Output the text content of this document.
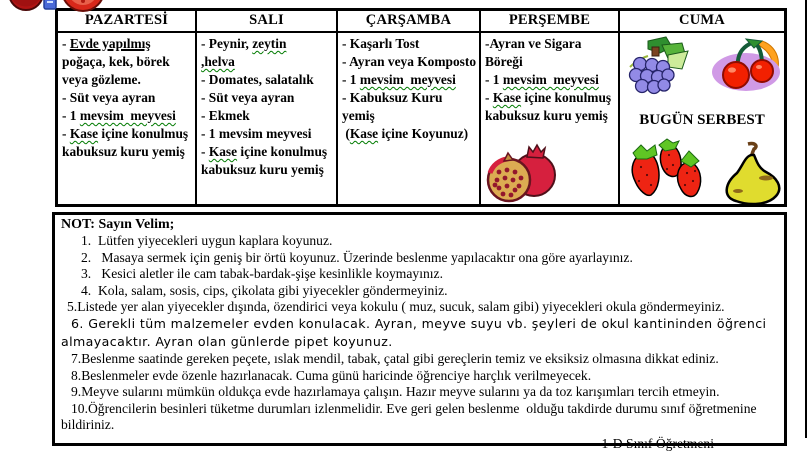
PAZARTESİ
- Evde yapılmış poğaça, kek, börek veya gözleme.
- Süt veya ayran
- 1 mevsim  meyvesi
- Kase içine konulmuş kabuksuz kuru yemiş
SALI
- Peynir, zeytin
,helva
- Domates, salatalık
- Süt veya ayran
- Ekmek
- 1 mevsim meyvesi
- Kase içine konulmuş kabuksuz kuru yemiş
ÇARŞAMBA
- Kaşarlı Tost
- Ayran veya Komposto
- 1 mevsim  meyvesi
- Kabuksuz Kuru yemiş
(Kase içine Koyunuz)
PERŞEMBE
-Ayran ve Sigara Böreği
- 1 mevsim  meyvesi
- Kase içine konulmuş kabuksuz kuru yemiş
CUMA
BUGÜN SERBEST
NOT: Sayın Velim;
1.  Lütfen yiyecekleri uygun kaplara koyunuz.
2.   Masaya sermek için geniş bir örtü koyunuz. Üzerinde beslenme yapılacaktır ona göre ayarlayınız.
3.   Kesici aletler ile cam tabak-bardak-şişe kesinlikle koymayınız.
4.  Kola, salam, sosis, cips, çikolata gibi yiyecekler göndermeyiniz.
5.Listede yer alan yiyecekler dışında, özendirici veya kokulu ( muz, sucuk, salam gibi) yiyecekleri okula göndermeyiniz.
6. Gerekli tüm malzemeler evden konulacak. Ayran, meyve suyu vb. şeyleri de okul kantininden öğrenci almayacaktır. Ayran olan günlerde pipet koyunuz.
7.Beslenme saatinde gereken peçete, ıslak mendil, tabak, çatal gibi gereçlerin temiz ve eksiksiz olmasına dikkat ediniz.
8.Beslenmeler evde özenle hazırlanacak. Cuma günü haricinde öğrenciye harçlık verilmeyecek.
9.Meyve sularını mümkün oldukça evde hazırlamaya çalışın. Hazır meyve sularını ya da toz karışımları tercih etmeyin.
10.Öğrencilerin besinleri tüketme durumları izlenmelidir. Eve geri gelen beslenme  olduğu takdirde durumu sınıf öğretmenine bildiriniz.
1-D Sınıf Öğretmeni
